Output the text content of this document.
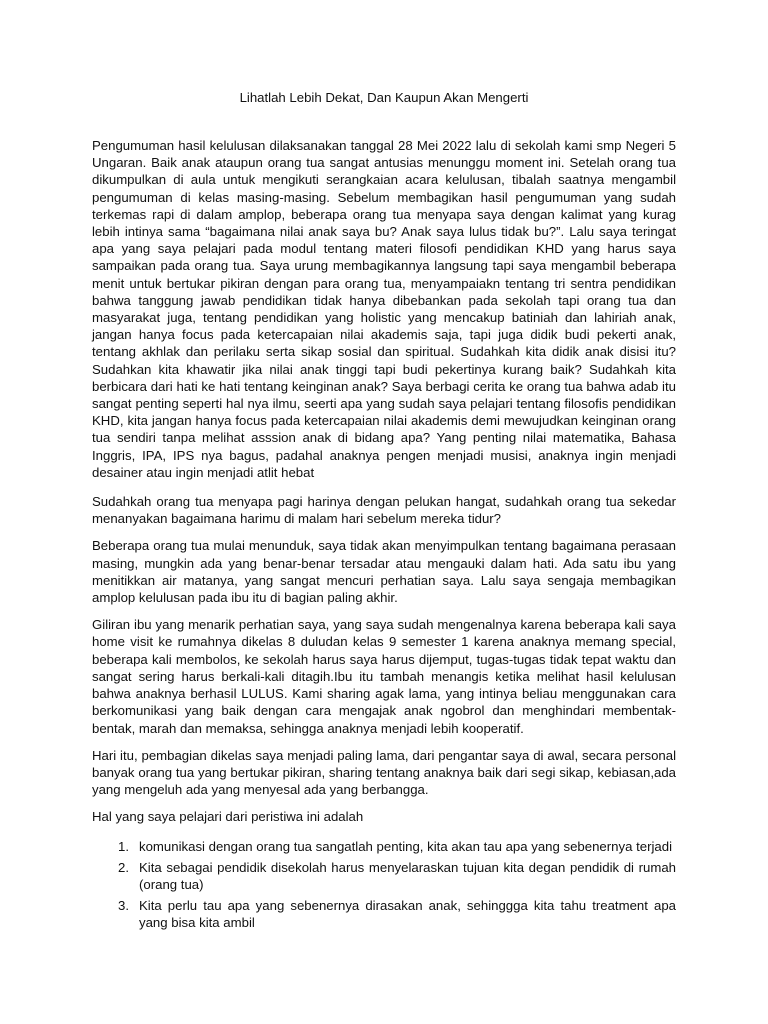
Lihatlah Lebih Dekat, Dan Kaupun Akan Mengerti

Pengumuman hasil kelulusan dilaksanakan tanggal 28 Mei 2022 lalu di sekolah kami smp Negeri 5 Ungaran. Baik anak ataupun orang tua sangat antusias menunggu moment ini. Setelah orang tua dikumpulkan di aula untuk mengikuti serangkaian acara kelulusan, tibalah saatnya mengambil pengumuman di kelas masing-masing. Sebelum membagikan hasil pengumuman yang sudah terkemas rapi di dalam amplop, beberapa orang tua menyapa saya dengan kalimat yang kurag lebih intinya sama “bagaimana nilai anak saya bu? Anak saya lulus tidak bu?”. Lalu saya teringat apa yang saya pelajari pada modul tentang materi filosofi pendidikan KHD yang harus saya sampaikan pada orang tua. Saya urung membagikannya langsung tapi saya mengambil beberapa menit untuk bertukar pikiran dengan para orang tua, menyampaiakn tentang tri sentra pendidikan bahwa tanggung jawab pendidikan tidak hanya dibebankan pada sekolah tapi orang tua dan masyarakat juga, tentang pendidikan yang holistic yang mencakup batiniah dan lahiriah anak, jangan hanya focus pada ketercapaian nilai akademis saja, tapi juga didik budi pekerti anak, tentang akhlak dan perilaku serta sikap sosial dan spiritual. Sudahkah kita didik anak disisi itu? Sudahkan kita khawatir jika nilai anak tinggi tapi budi pekertinya kurang baik? Sudahkah kita berbicara dari hati ke hati tentang keinginan anak? Saya berbagi cerita ke orang tua bahwa adab itu sangat penting seperti hal nya ilmu, seerti apa yang sudah saya pelajari tentang filosofis pendidikan KHD, kita jangan hanya focus pada ketercapaian nilai akademis demi mewujudkan keinginan orang tua sendiri tanpa melihat asssion anak di bidang apa? Yang penting nilai matematika, Bahasa Inggris, IPA, IPS nya bagus, padahal anaknya pengen menjadi musisi, anaknya ingin menjadi desainer atau ingin menjadi atlit hebat

Sudahkah orang tua menyapa pagi harinya dengan pelukan hangat, sudahkah orang tua sekedar menanyakan bagaimana harimu di malam hari sebelum mereka tidur?

Beberapa orang tua mulai menunduk, saya tidak akan menyimpulkan tentang bagaimana perasaan masing, mungkin ada yang benar-benar tersadar atau mengauki dalam hati. Ada satu ibu yang menitikkan air matanya, yang sangat mencuri perhatian saya. Lalu saya sengaja membagikan amplop kelulusan pada ibu itu di bagian paling akhir.

Giliran ibu yang menarik perhatian saya, yang saya sudah mengenalnya karena beberapa kali saya home visit ke rumahnya dikelas 8 duludan kelas 9 semester 1 karena anaknya memang special, beberapa kali membolos, ke sekolah harus saya harus dijemput, tugas-tugas tidak tepat waktu dan sangat sering harus berkali-kali ditagih.Ibu itu tambah menangis ketika melihat hasil kelulusan bahwa anaknya berhasil LULUS. Kami sharing agak lama, yang intinya beliau menggunakan cara berkomunikasi yang baik dengan cara mengajak anak ngobrol dan menghindari membentak-bentak, marah dan memaksa, sehingga anaknya menjadi lebih kooperatif.

Hari itu, pembagian dikelas saya menjadi paling lama, dari pengantar saya di awal, secara personal banyak orang tua yang bertukar pikiran, sharing tentang anaknya baik dari segi sikap, kebiasan,ada yang mengeluh ada yang menyesal ada yang berbangga.

Hal yang saya pelajari dari peristiwa ini adalah

1. komunikasi dengan orang tua sangatlah penting, kita akan tau apa yang sebenernya terjadi
2. Kita sebagai pendidik disekolah harus menyelaraskan tujuan kita degan pendidik di rumah (orang tua)
3. Kita perlu tau apa yang sebenernya dirasakan anak, sehinggga kita tahu treatment apa yang bisa kita ambil
